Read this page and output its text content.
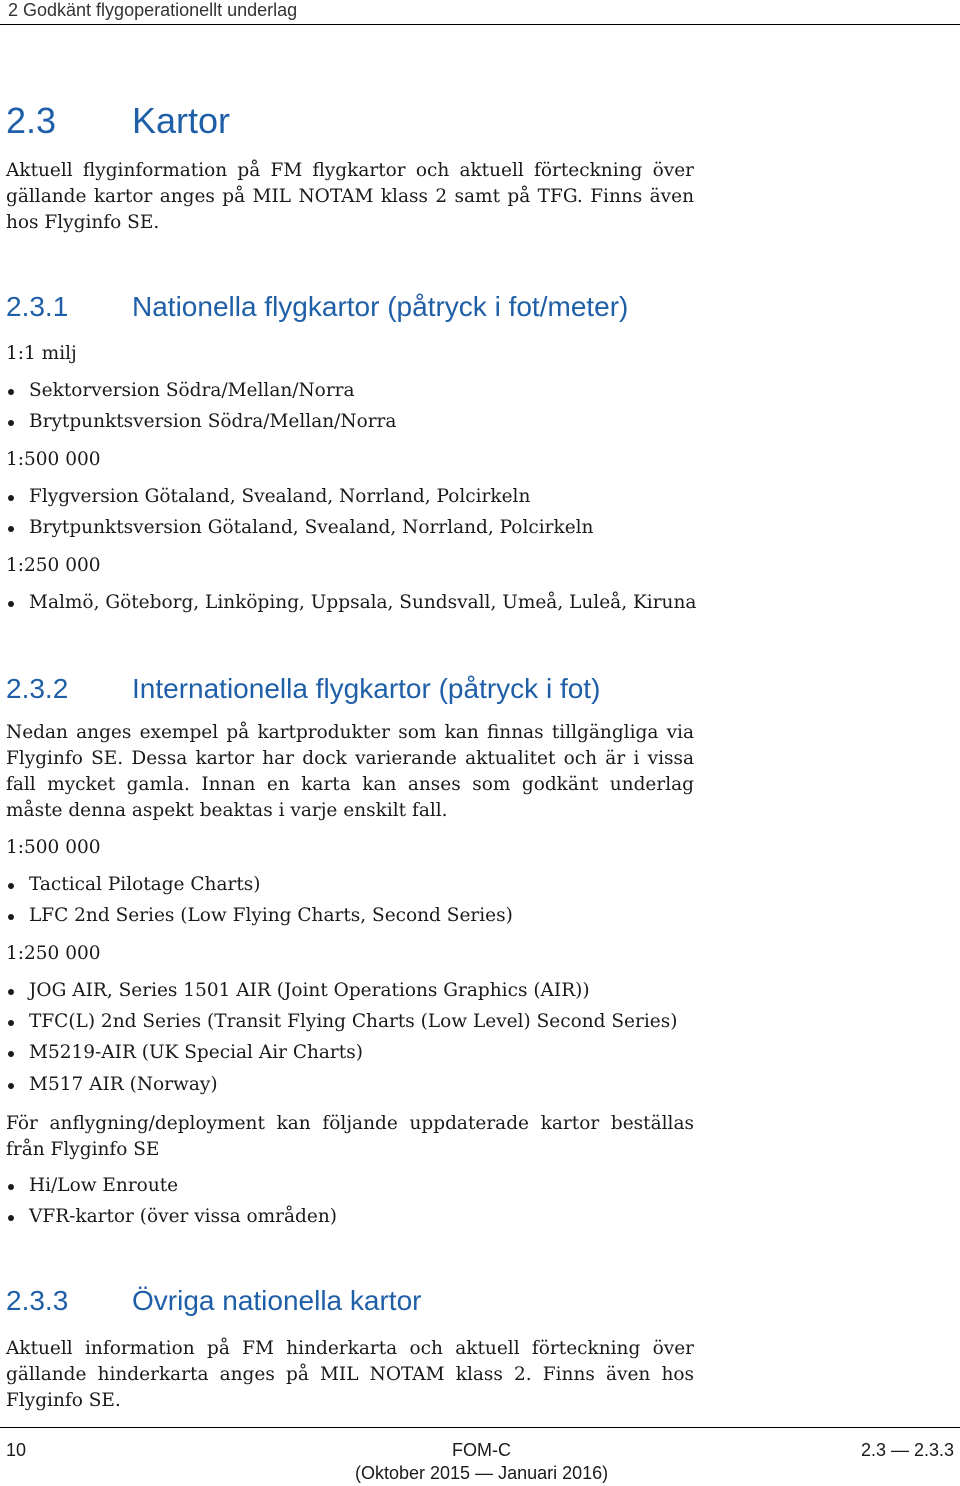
2 Godkänt flygoperationellt underlag
2.3 Kartor

Aktuell flyginformation på FM flygkartor och aktuell förteckning över gällande kartor anges på MIL NOTAM klass 2 samt på TFG. Finns även hos Flyginfo SE.

2.3.1 Nationella flygkartor (påtryck i fot/meter)
1:1 milj
Sektorversion Södra/Mellan/Norra
Brytpunktsversion Södra/Mellan/Norra
1:500 000
Flygversion Götaland, Svealand, Norrland, Polcirkeln
Brytpunktsversion Götaland, Svealand, Norrland, Polcirkeln
1:250 000
Malmö, Göteborg, Linköping, Uppsala, Sundsvall, Umeå, Luleå, Kiruna
2.3.2 Internationella flygkartor (påtryck i fot)

Nedan anges exempel på kartprodukter som kan finnas tillgängliga via Flyginfo SE. Dessa kartor har dock varierande aktualitet och är i vissa fall mycket gamla. Innan en karta kan anses som godkänt underlag måste denna aspekt beaktas i varje enskilt fall.

1:500 000
Tactical Pilotage Charts)
LFC 2nd Series (Low Flying Charts, Second Series)
1:250 000
JOG AIR, Series 1501 AIR (Joint Operations Graphics (AIR))
TFC(L) 2nd Series (Transit Flying Charts (Low Level) Second Series)
M5219-AIR (UK Special Air Charts)
M517 AIR (Norway)

För anflygning/deployment kan följande uppdaterade kartor beställas från Flyginfo SE

Hi/Low Enroute
VFR-kartor (över vissa områden)
2.3.3 Övriga nationella kartor

Aktuell information på FM hinderkarta och aktuell förteckning över gällande hinderkarta anges på MIL NOTAM klass 2. Finns även hos Flyginfo SE.

10	FOM-C
(Oktober 2015 — Januari 2016)
2.3 — 2.3.3
